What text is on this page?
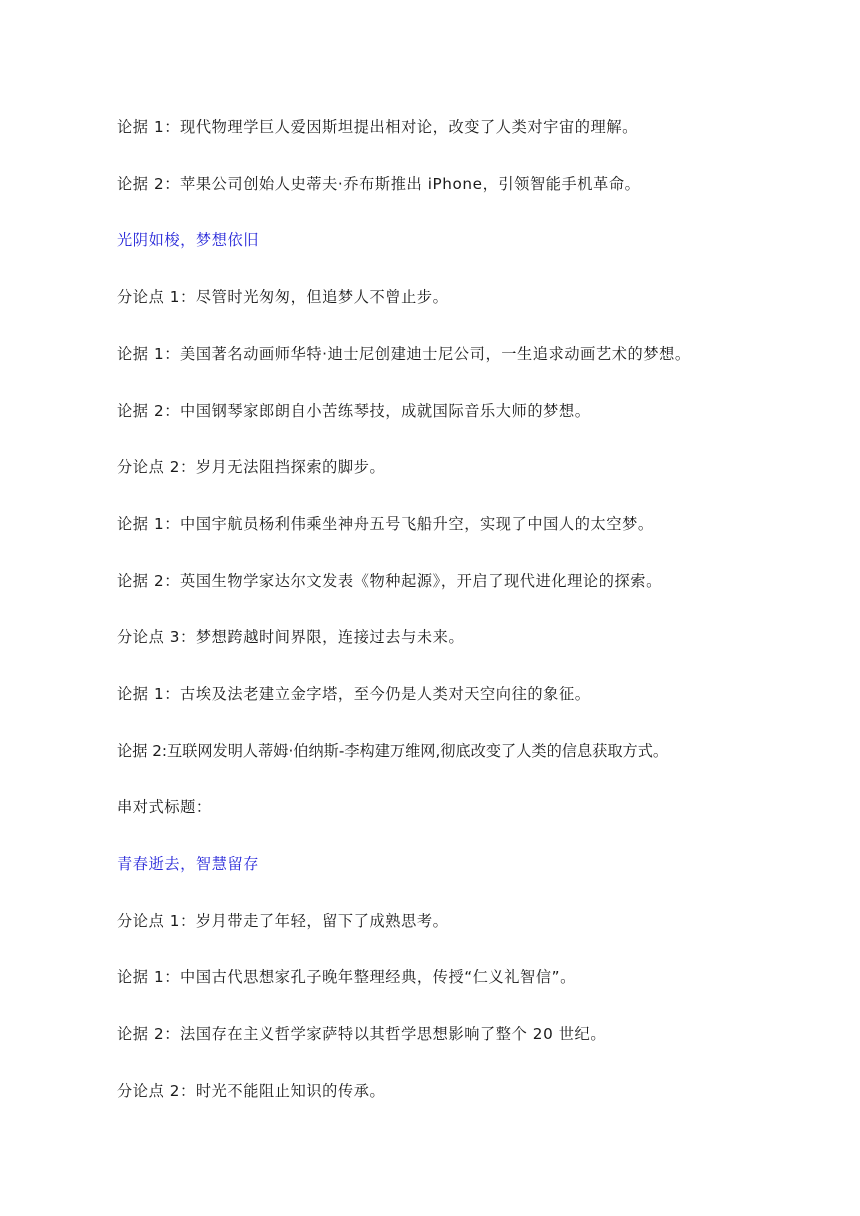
论据 1：现代物理学巨人爱因斯坦提出相对论，改变了人类对宇宙的理解。
论据 2：苹果公司创始人史蒂夫·乔布斯推出 iPhone，引领智能手机革命。
光阴如梭，梦想依旧
分论点 1：尽管时光匆匆，但追梦人不曾止步。
论据 1：美国著名动画师华特·迪士尼创建迪士尼公司，一生追求动画艺术的梦想。
论据 2：中国钢琴家郎朗自小苦练琴技，成就国际音乐大师的梦想。
分论点 2：岁月无法阻挡探索的脚步。
论据 1：中国宇航员杨利伟乘坐神舟五号飞船升空，实现了中国人的太空梦。
论据 2：英国生物学家达尔文发表《物种起源》，开启了现代进化理论的探索。
分论点 3：梦想跨越时间界限，连接过去与未来。
论据 1：古埃及法老建立金字塔，至今仍是人类对天空向往的象征。
论据 2:互联网发明人蒂姆·伯纳斯-李构建万维网,彻底改变了人类的信息获取方式。
串对式标题：
青春逝去，智慧留存
分论点 1：岁月带走了年轻，留下了成熟思考。
论据 1：中国古代思想家孔子晚年整理经典，传授“仁义礼智信”。
论据 2：法国存在主义哲学家萨特以其哲学思想影响了整个 20 世纪。
分论点 2：时光不能阻止知识的传承。
